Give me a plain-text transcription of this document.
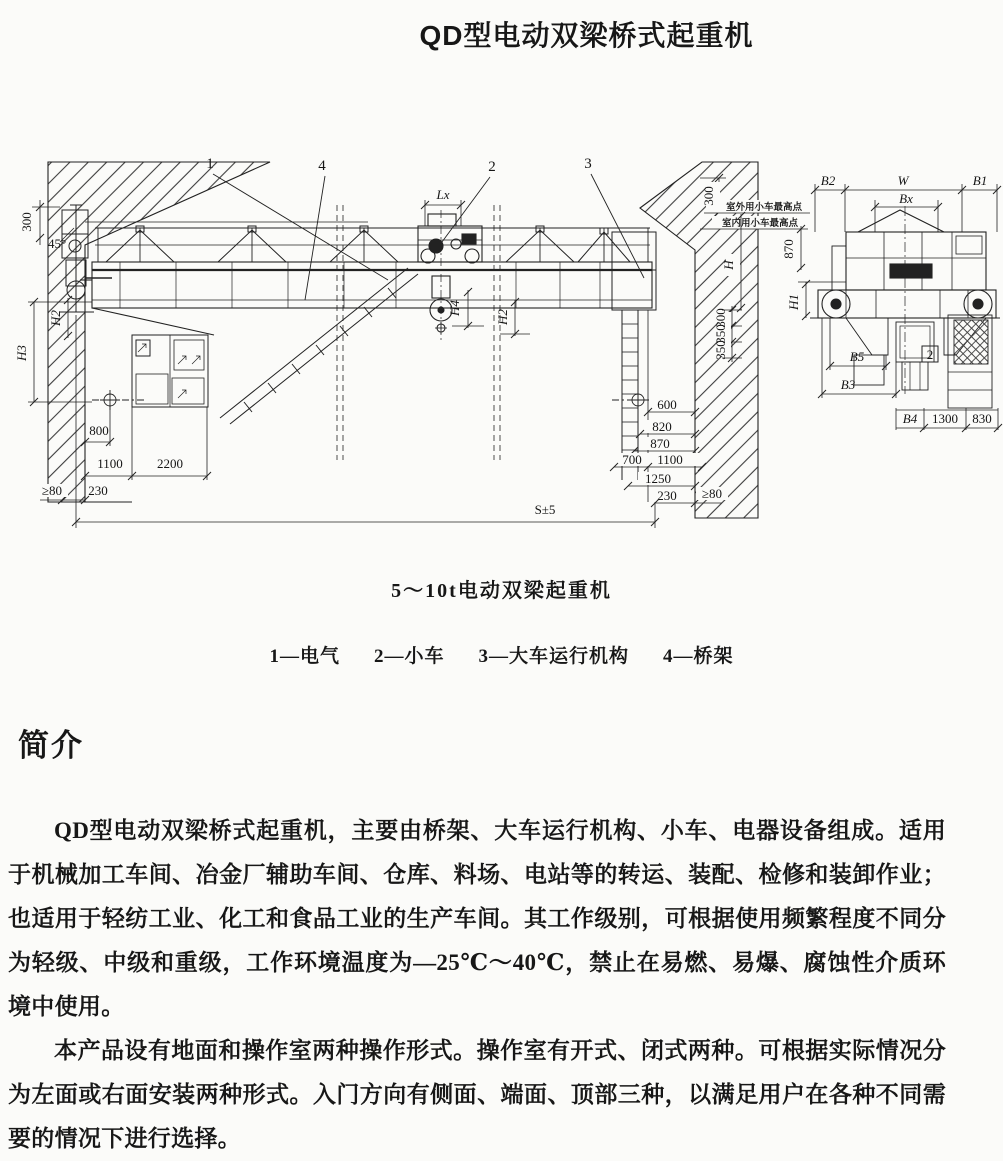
QD型电动双梁桥式起重机
1	4	2	3
300
45°
H2
H3
800
1100	2200
≥80 230
S±5
Lx
H4
H2
300
室外用小车最高点
室内用小车最高点
H
300
350
350
600
820
870
700 1100
1250
230 ≥80
B2	W	B1
Bx
2
870
H1
B5
B3
B4 1300 830
5～10t电动双梁起重机
1—电气 2—小车 3—大车运行机构 4—桥架
简介

QD型电动双梁桥式起重机，主要由桥架、大车运行机构、小车、电器设备组成。适用于机械加工车间、冶金厂辅助车间、仓库、料场、电站等的转运、装配、检修和装卸作业；也适用于轻纺工业、化工和食品工业的生产车间。其工作级别，可根据使用频繁程度不同分为轻级、中级和重级，工作环境温度为—25℃～40℃，禁止在易燃、易爆、腐蚀性介质环境中使用。

本产品设有地面和操作室两种操作形式。操作室有开式、闭式两种。可根据实际情况分为左面或右面安装两种形式。入门方向有侧面、端面、顶部三种，以满足用户在各种不同需要的情况下进行选择。
